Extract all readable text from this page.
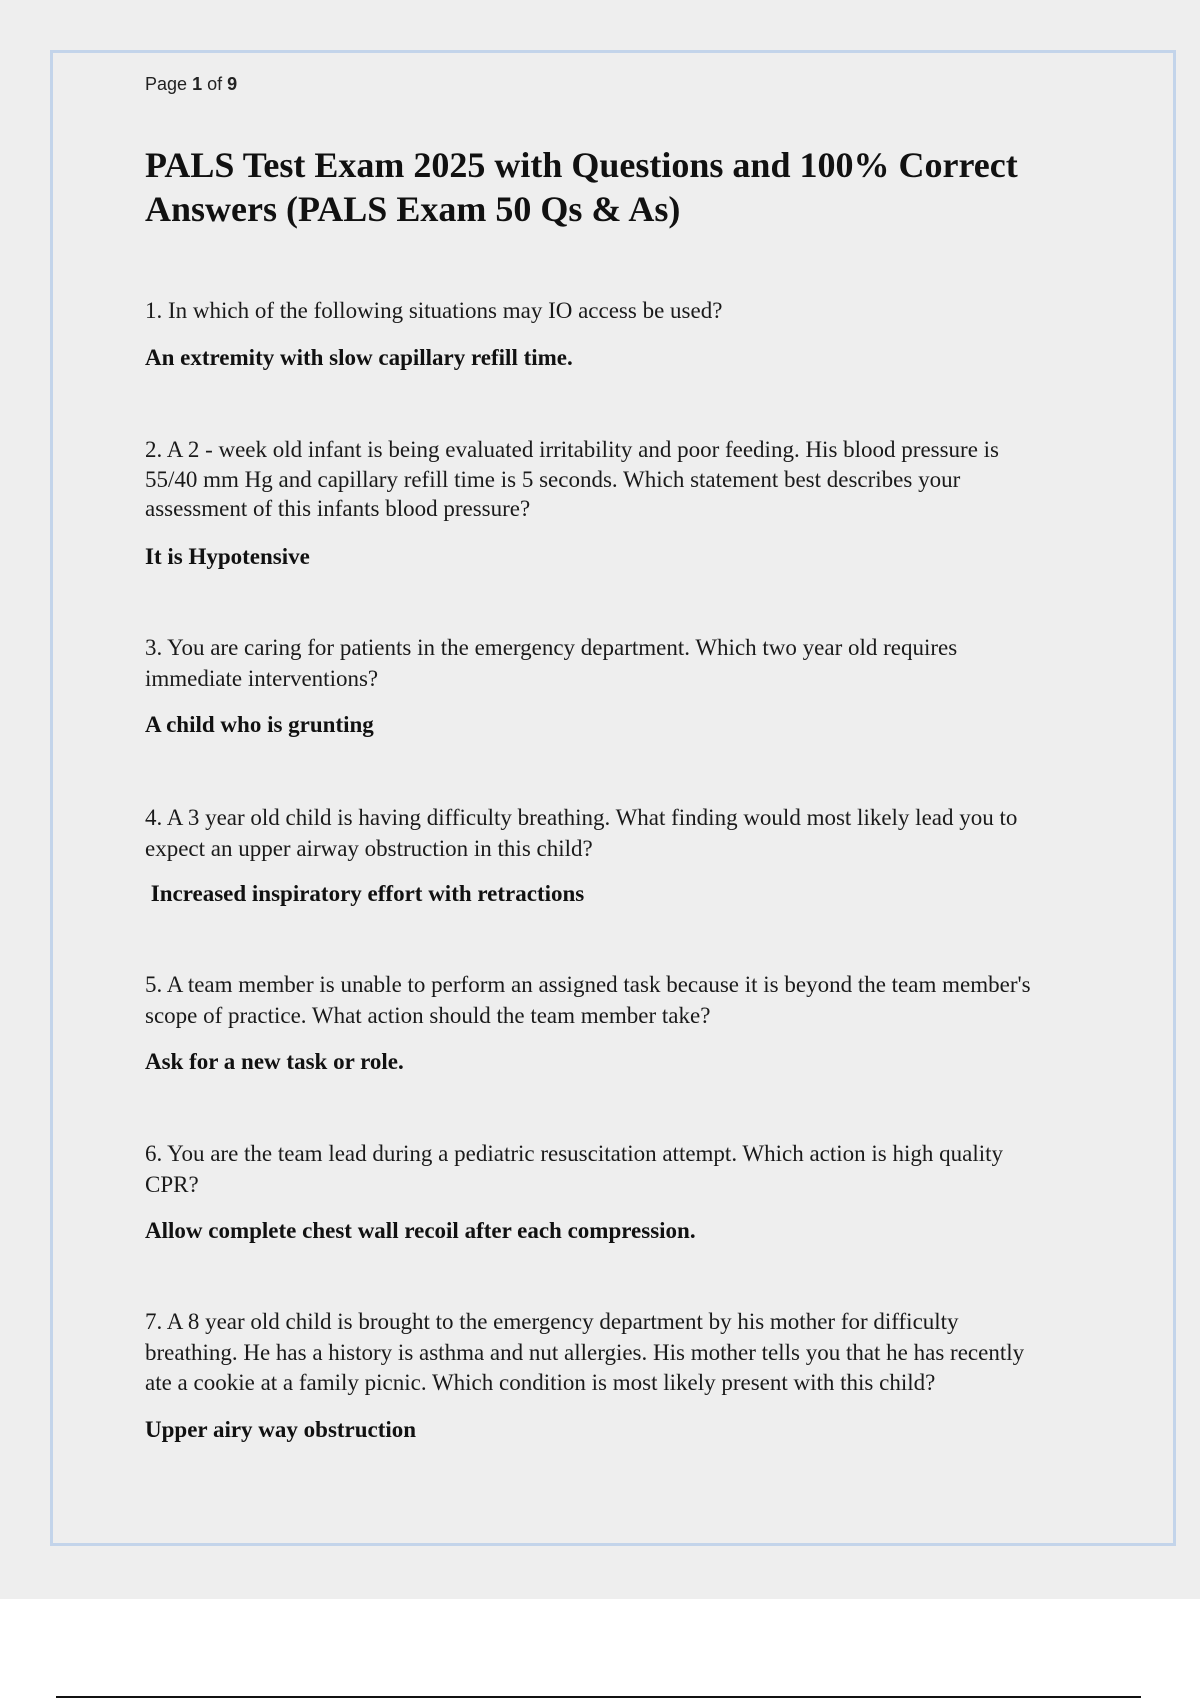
Page 1 of 9
PALS Test Exam 2025 with Questions and 100% Correct Answers (PALS Exam 50 Qs & As)
1. In which of the following situations may IO access be used?
An extremity with slow capillary refill time.
2. A 2 - week old infant is being evaluated irritability and poor feeding. His blood pressure is
55/40 mm Hg and capillary refill time is 5 seconds. Which statement best describes your
assessment of this infants blood pressure?
It is Hypotensive
3. You are caring for patients in the emergency department. Which two year old requires
immediate interventions?
A child who is grunting
4. A 3 year old child is having difficulty breathing. What finding would most likely lead you to
expect an upper airway obstruction in this child?
Increased inspiratory effort with retractions
5. A team member is unable to perform an assigned task because it is beyond the team member's
scope of practice. What action should the team member take?
Ask for a new task or role.
6. You are the team lead during a pediatric resuscitation attempt. Which action is high quality
CPR?
Allow complete chest wall recoil after each compression.
7. A 8 year old child is brought to the emergency department by his mother for difficulty
breathing. He has a history is asthma and nut allergies. His mother tells you that he has recently
ate a cookie at a family picnic. Which condition is most likely present with this child?
Upper airy way obstruction
